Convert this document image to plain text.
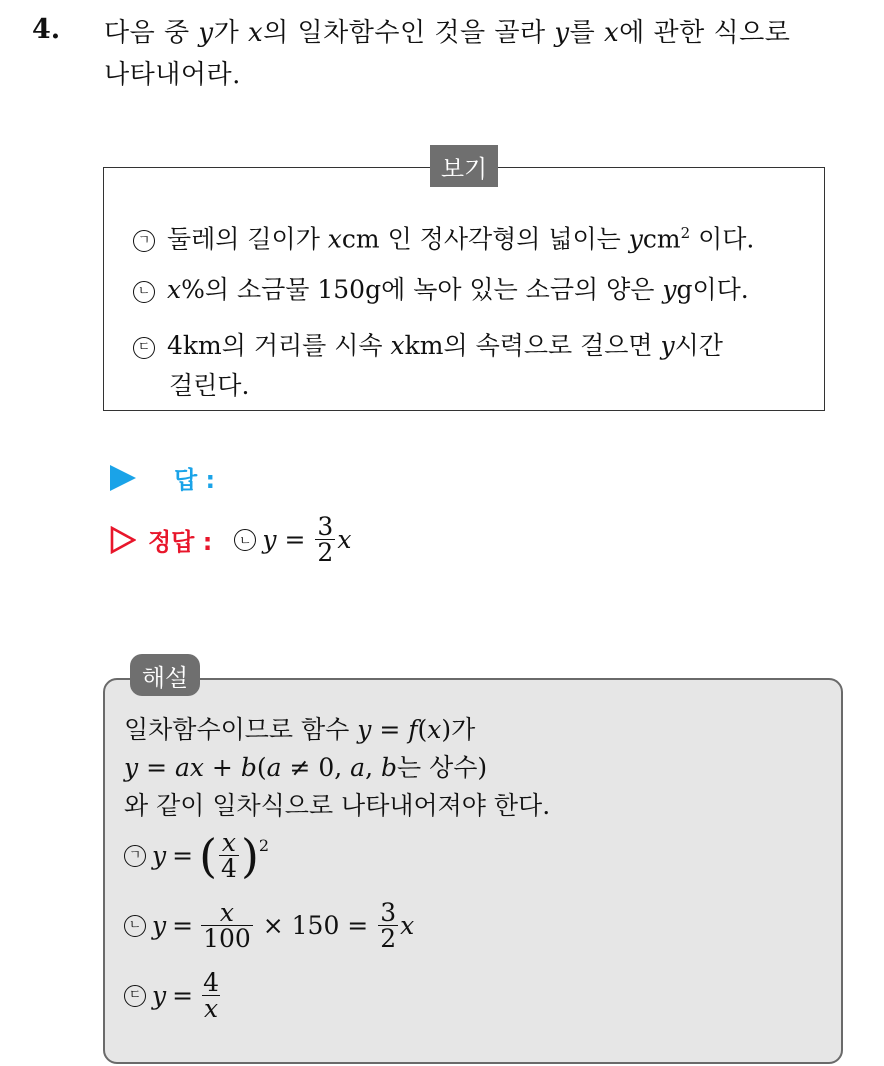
4. 다음 중 y가 x의 일차함수인 것을 골라 y를 x에 관한 식으로

나타내어라.

보기
ㄱ 둘레의 길이가 xcm 인 정사각형의 넓이는 ycm$^2$ 이다.
ㄴ x%의 소금물 150g에 녹아 있는 소금의 양은 yg이다.
ㄷ 4km의 거리를 시속 xkm의 속력으로 걸으면 y시간
걸린다.
답 :
정답 :	ㄴ $y = \frac{3}{2}$ x
해설
일차함수이므로 함수 y = f(x)가
y = ax + b(a ≠ 0, a, b는 상수)
와 같이 일차식으로 나타내어져야 한다.
ㄱ y = ( $\frac{x}{4} )^2$
ㄴ $y = \frac{x}{100} \times 150 = \frac{3}{2}$ x
ㄷ $y = \frac{4}{x}$
